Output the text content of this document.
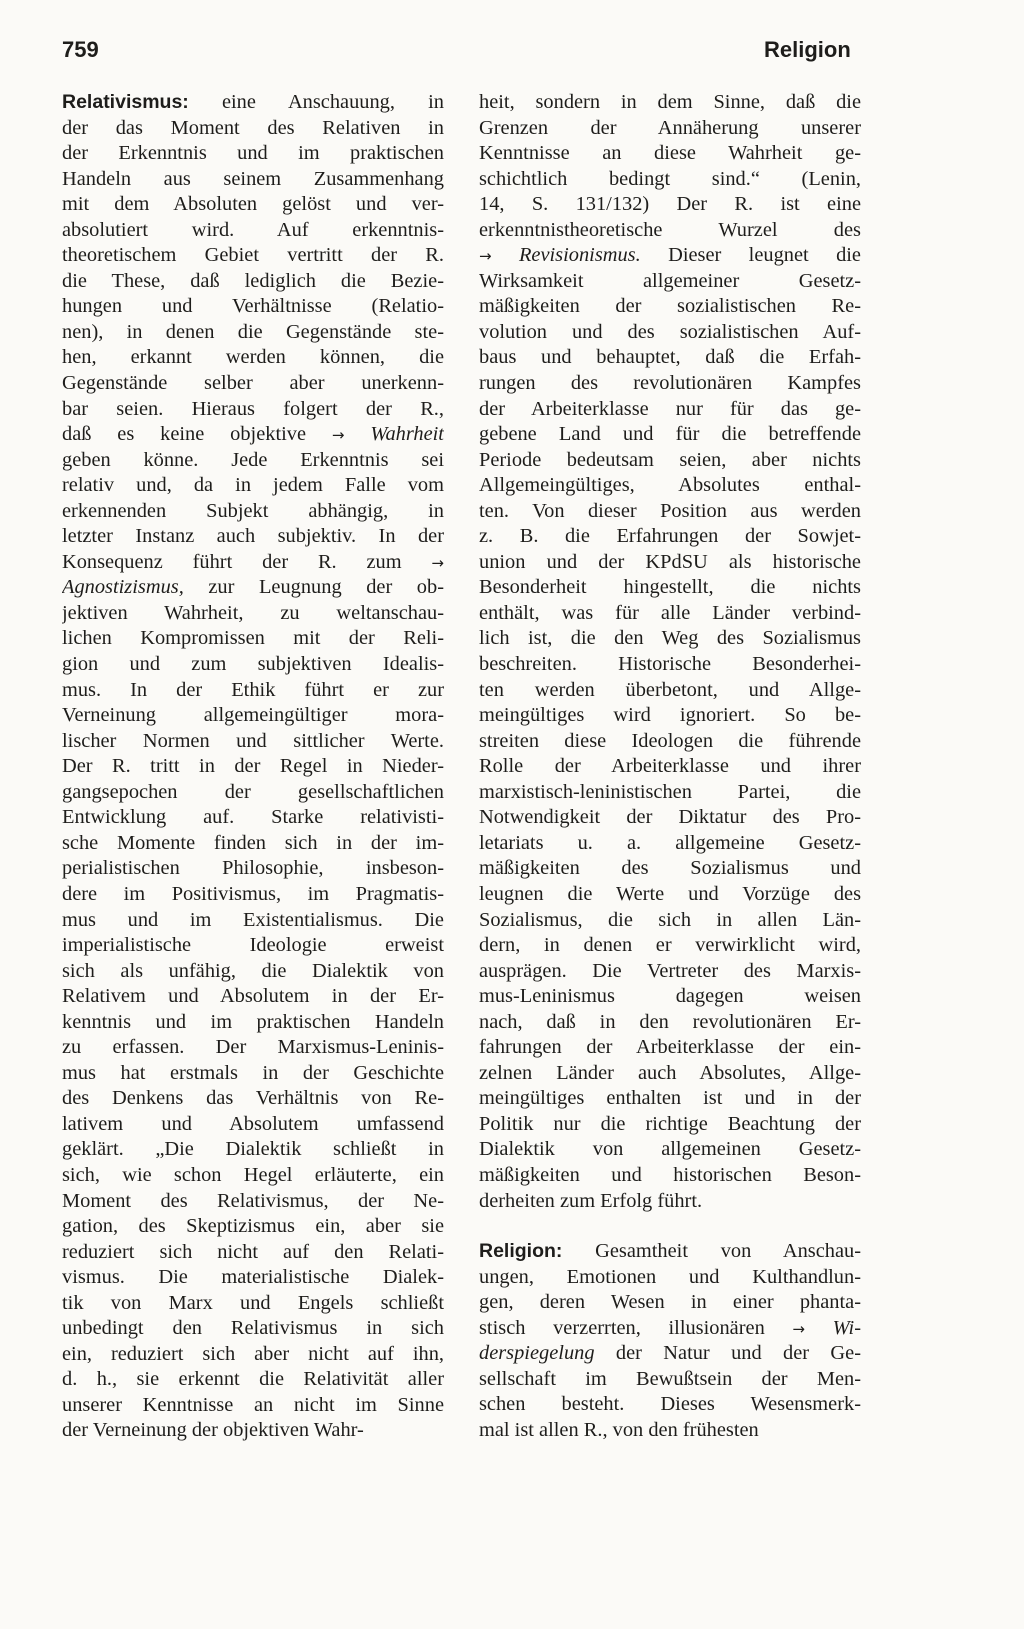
759	Religion
Relativismus: eine Anschauung, in
der das Moment des Relativen in
der Erkenntnis und im praktischen
Handeln aus seinem Zusammenhang
mit dem Absoluten gelöst und ver-
absolutiert wird. Auf erkenntnis-
theoretischem Gebiet vertritt der R.
die These, daß lediglich die Bezie-
hungen und Verhältnisse (Relatio-
nen), in denen die Gegenstände ste-
hen, erkannt werden können, die
Gegenstände selber aber unerkenn-
bar seien. Hieraus folgert der R.,
daß es keine objektive → Wahrheit
geben könne. Jede Erkenntnis sei
relativ und, da in jedem Falle vom
erkennenden Subjekt abhängig, in
letzter Instanz auch subjektiv. In der
Konsequenz führt der R. zum →
Agnostizismus, zur Leugnung der ob-
jektiven Wahrheit, zu weltanschau-
lichen Kompromissen mit der Reli-
gion und zum subjektiven Idealis-
mus. In der Ethik führt er zur
Verneinung allgemeingültiger mora-
lischer Normen und sittlicher Werte.
Der R. tritt in der Regel in Nieder-
gangsepochen der gesellschaftlichen
Entwicklung auf. Starke relativisti-
sche Momente finden sich in der im-
perialistischen Philosophie, insbeson-
dere im Positivismus, im Pragmatis-
mus und im Existentialismus. Die
imperialistische Ideologie erweist
sich als unfähig, die Dialektik von
Relativem und Absolutem in der Er-
kenntnis und im praktischen Handeln
zu erfassen. Der Marxismus-Leninis-
mus hat erstmals in der Geschichte
des Denkens das Verhältnis von Re-
lativem und Absolutem umfassend
geklärt. „Die Dialektik schließt in
sich, wie schon Hegel erläuterte, ein
Moment des Relativismus, der Ne-
gation, des Skeptizismus ein, aber sie
reduziert sich nicht auf den Relati-
vismus. Die materialistische Dialek-
tik von Marx und Engels schließt
unbedingt den Relativismus in sich
ein, reduziert sich aber nicht auf ihn,
d. h., sie erkennt die Relativität aller
unserer Kenntnisse an nicht im Sinne
der Verneinung der objektiven Wahr-
heit, sondern in dem Sinne, daß die
Grenzen der Annäherung unserer
Kenntnisse an diese Wahrheit ge-
schichtlich bedingt sind.“ (Lenin,
14, S. 131/132) Der R. ist eine
erkenntnistheoretische Wurzel des
→ Revisionismus. Dieser leugnet die
Wirksamkeit allgemeiner Gesetz-
mäßigkeiten der sozialistischen Re-
volution und des sozialistischen Auf-
baus und behauptet, daß die Erfah-
rungen des revolutionären Kampfes
der Arbeiterklasse nur für das ge-
gebene Land und für die betreffende
Periode bedeutsam seien, aber nichts
Allgemeingültiges, Absolutes enthal-
ten. Von dieser Position aus werden
z. B. die Erfahrungen der Sowjet-
union und der KPdSU als historische
Besonderheit hingestellt, die nichts
enthält, was für alle Länder verbind-
lich ist, die den Weg des Sozialismus
beschreiten. Historische Besonderhei-
ten werden überbetont, und Allge-
meingültiges wird ignoriert. So be-
streiten diese Ideologen die führende
Rolle der Arbeiterklasse und ihrer
marxistisch-leninistischen Partei, die
Notwendigkeit der Diktatur des Pro-
letariats u. a. allgemeine Gesetz-
mäßigkeiten des Sozialismus und
leugnen die Werte und Vorzüge des
Sozialismus, die sich in allen Län-
dern, in denen er verwirklicht wird,
ausprägen. Die Vertreter des Marxis-
mus-Leninismus dagegen weisen
nach, daß in den revolutionären Er-
fahrungen der Arbeiterklasse der ein-
zelnen Länder auch Absolutes, Allge-
meingültiges enthalten ist und in der
Politik nur die richtige Beachtung der
Dialektik von allgemeinen Gesetz-
mäßigkeiten und historischen Beson-
derheiten zum Erfolg führt.
Religion: Gesamtheit von Anschau-
ungen, Emotionen und Kulthandlun-
gen, deren Wesen in einer phanta-
stisch verzerrten, illusionären → Wi-
derspiegelung der Natur und der Ge-
sellschaft im Bewußtsein der Men-
schen besteht. Dieses Wesensmerk-
mal ist allen R., von den frühesten
